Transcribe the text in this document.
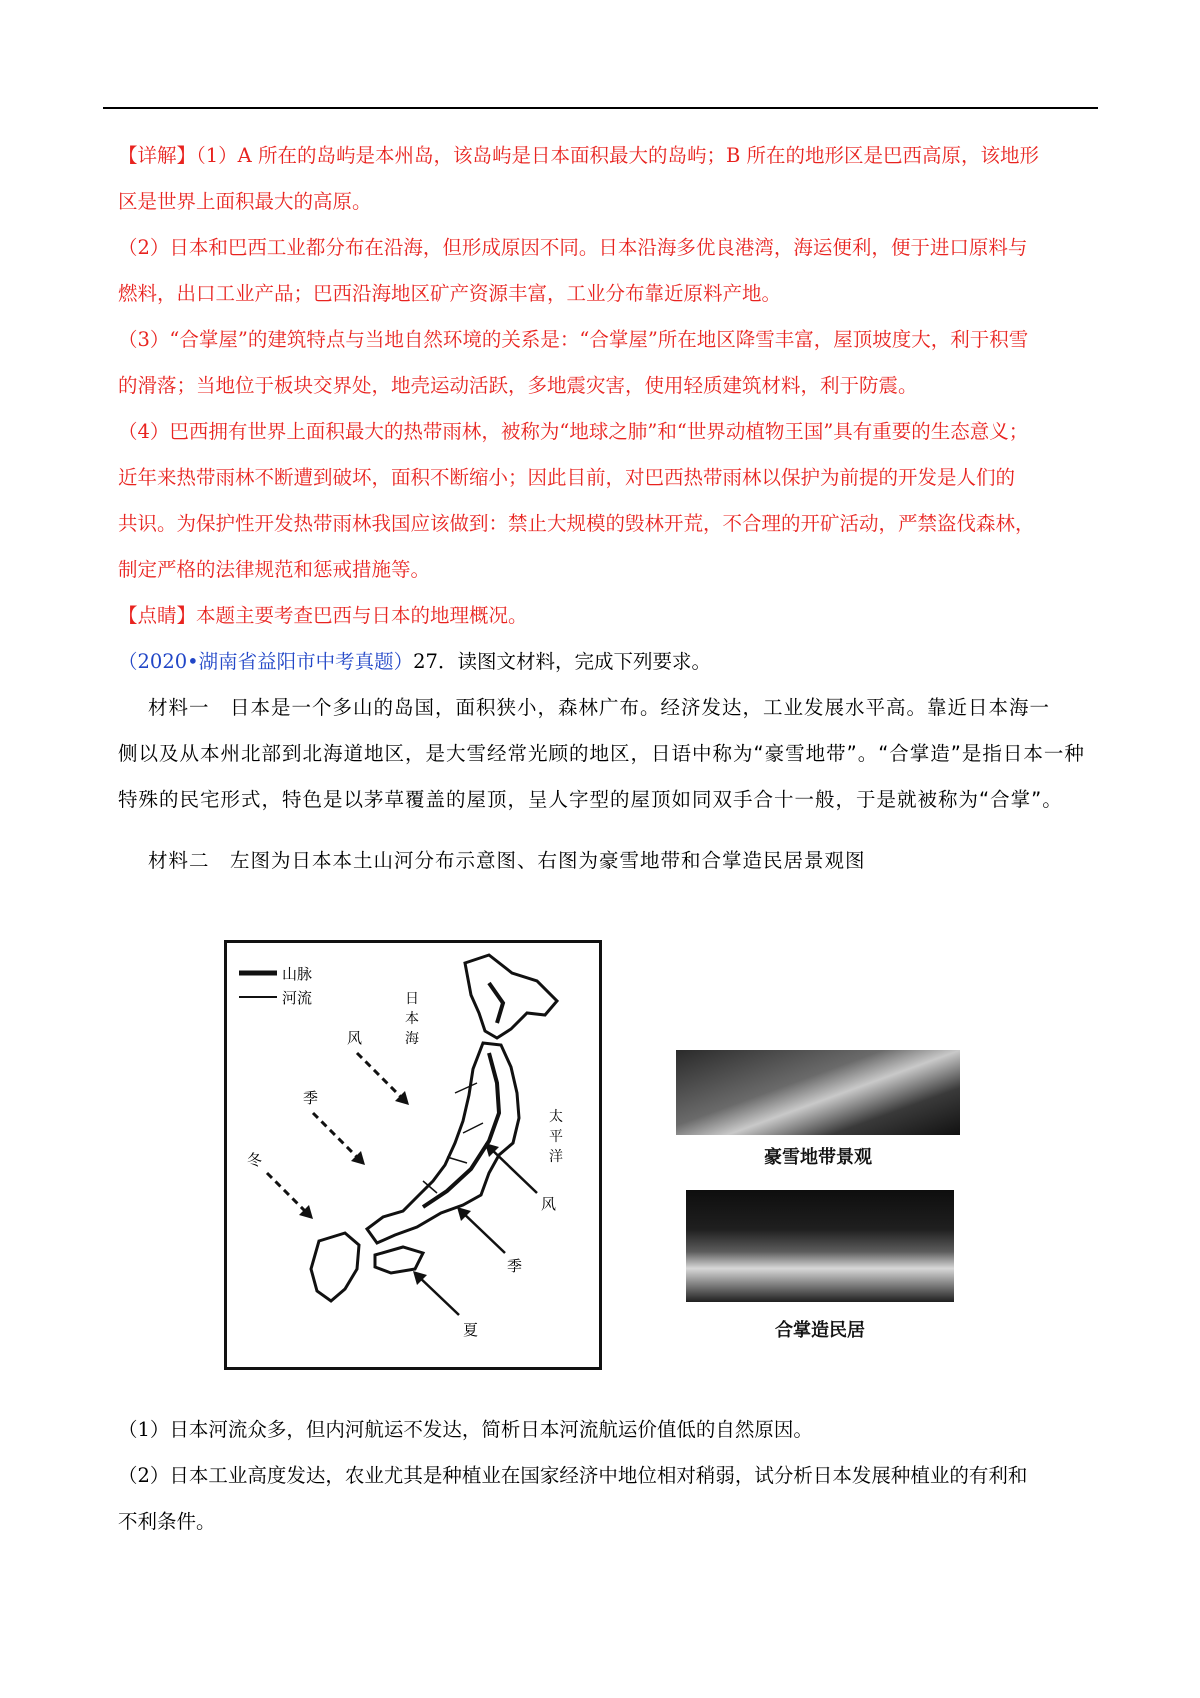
【详解】（1）A 所在的岛屿是本州岛，该岛屿是日本面积最大的岛屿；B 所在的地形区是巴西高原，该地形

区是世界上面积最大的高原。

（2）日本和巴西工业都分布在沿海，但形成原因不同。日本沿海多优良港湾，海运便利，便于进口原料与

燃料，出口工业产品；巴西沿海地区矿产资源丰富，工业分布靠近原料产地。

（3）“合掌屋”的建筑特点与当地自然环境的关系是：“合掌屋”所在地区降雪丰富，屋顶坡度大，利于积雪

的滑落；当地位于板块交界处，地壳运动活跃，多地震灾害，使用轻质建筑材料，利于防震。

（4）巴西拥有世界上面积最大的热带雨林，被称为“地球之肺”和“世界动植物王国”具有重要的生态意义；

近年来热带雨林不断遭到破坏，面积不断缩小；因此目前，对巴西热带雨林以保护为前提的开发是人们的

共识。为保护性开发热带雨林我国应该做到：禁止大规模的毁林开荒，不合理的开矿活动，严禁盗伐森林，

制定严格的法律规范和惩戒措施等。

【点睛】本题主要考查巴西与日本的地理概况。

（2020•湖南省益阳市中考真题）27．读图文材料，完成下列要求。

材料一　日本是一个多山的岛国，面积狭小，森林广布。经济发达，工业发展水平高。靠近日本海一

侧以及从本州北部到北海道地区，是大雪经常光顾的地区，日语中称为“豪雪地带”。“合掌造”是指日本一种

特殊的民宅形式，特色是以茅草覆盖的屋顶，呈人字型的屋顶如同双手合十一般，于是就被称为“合掌”。

材料二　左图为日本本土山河分布示意图、右图为豪雪地带和合掌造民居景观图

山脉
河流	日
本
海
太
平
洋
风
季
冬
风
季
夏
豪雪地带景观
合掌造民居

（1）日本河流众多，但内河航运不发达，简析日本河流航运价值低的自然原因。

（2）日本工业高度发达，农业尤其是种植业在国家经济中地位相对稍弱，试分析日本发展种植业的有利和

不利条件。
